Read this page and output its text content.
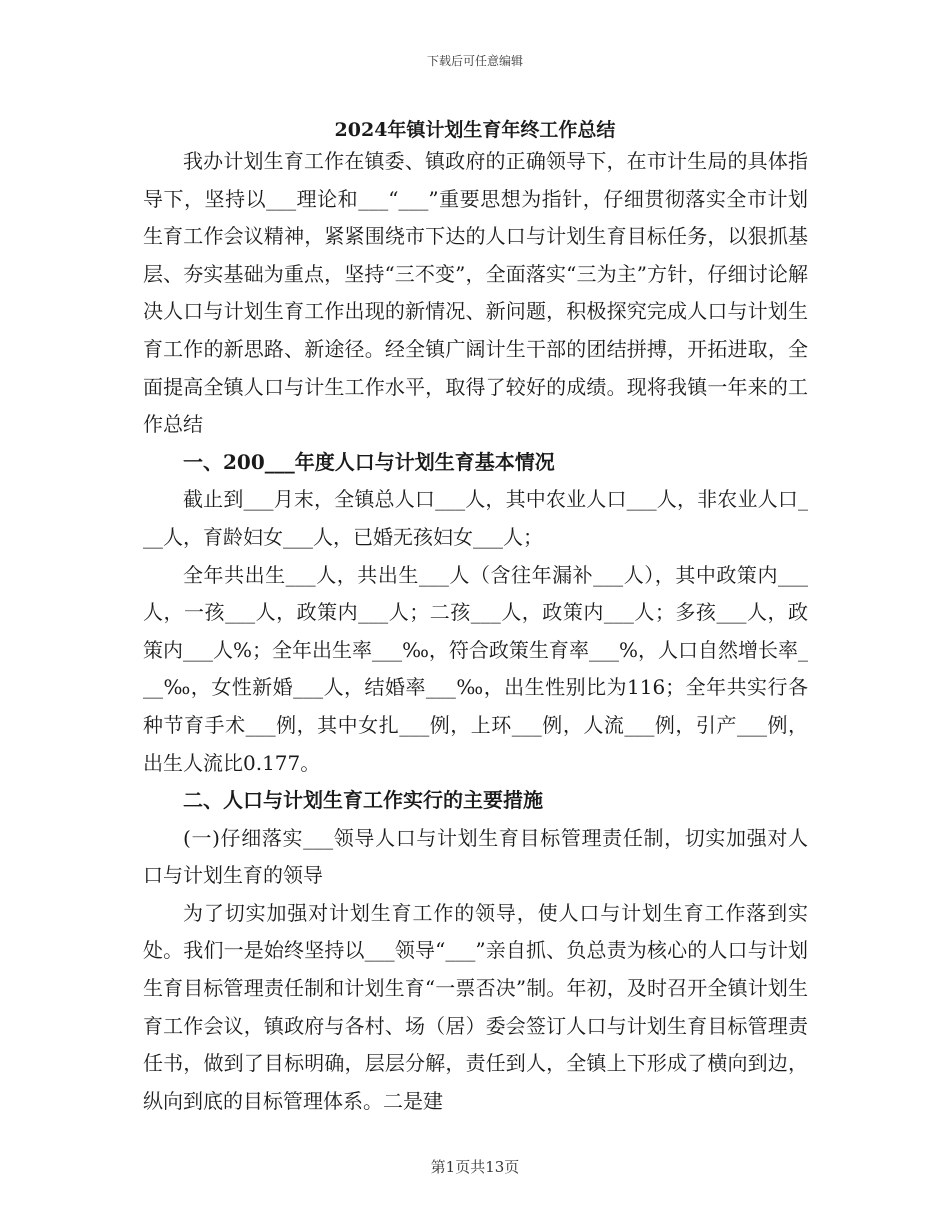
下载后可任意编辑
2024年镇计划生育年终工作总结

我办计划生育工作在镇委、镇政府的正确领导下，在市计生局的具体指导下，坚持以___理论和___“___”重要思想为指针，仔细贯彻落实全市计划生育工作会议精神，紧紧围绕市下达的人口与计划生育目标任务，以狠抓基层、夯实基础为重点，坚持“三不变”，全面落实“三为主”方针，仔细讨论解决人口与计划生育工作出现的新情况、新问题，积极探究完成人口与计划生育工作的新思路、新途径。经全镇广阔计生干部的团结拼搏，开拓进取，全面提高全镇人口与计生工作水平，取得了较好的成绩。现将我镇一年来的工作总结

一、200___年度人口与计划生育基本情况

截止到___月末，全镇总人口___人，其中农业人口___人，非农业人口___人，育龄妇女___人，已婚无孩妇女___人；

全年共出生___人，共出生___人（含往年漏补___人），其中政策内___人，一孩___人，政策内___人；二孩___人，政策内___人；多孩___人，政策内___人%；全年出生率___‰，符合政策生育率___%，人口自然增长率___‰，女性新婚___人，结婚率___‰，出生性别比为116；全年共实行各种节育手术___例，其中女扎___例，上环___例，人流___例，引产___例，出生人流比0.177。

二、人口与计划生育工作实行的主要措施

(一)仔细落实___领导人口与计划生育目标管理责任制，切实加强对人口与计划生育的领导

为了切实加强对计划生育工作的领导，使人口与计划生育工作落到实处。我们一是始终坚持以___领导“___”亲自抓、负总责为核心的人口与计划生育目标管理责任制和计划生育“一票否决”制。年初，及时召开全镇计划生育工作会议，镇政府与各村、场（居）委会签订人口与计划生育目标管理责任书，做到了目标明确，层层分解，责任到人，全镇上下形成了横向到边，纵向到底的目标管理体系。二是建

第1页共13页
